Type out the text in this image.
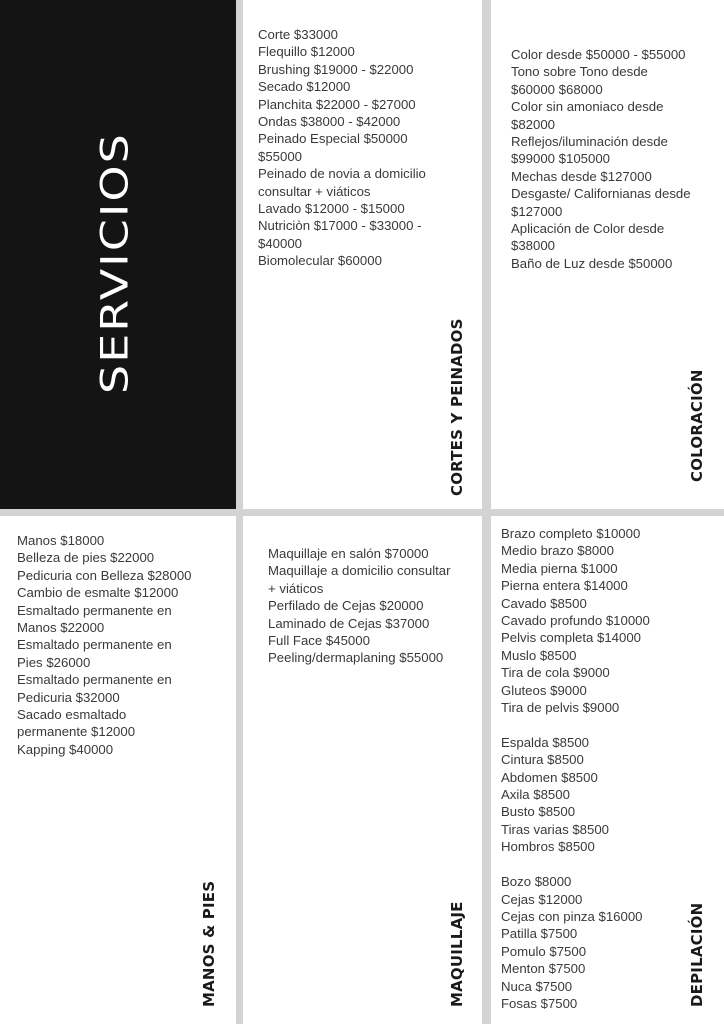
SERVICIOS
Corte $33000
Flequillo $12000
Brushing $19000 - $22000
Secado $12000
Planchita $22000 - $27000
Ondas $38000 - $42000
Peinado Especial $50000
$55000
Peinado de novia a domicilio
consultar + viáticos
Lavado $12000 - $15000
Nutriciòn $17000 - $33000 -
$40000
Biomolecular $60000
CORTES Y PEINADOS
Color desde $50000 - $55000
Tono sobre Tono desde
$60000 $68000
Color sin amoniaco desde
$82000
Reflejos/iluminación desde
$99000 $105000
Mechas desde $127000
Desgaste/ Californianas desde
$127000
Aplicación de Color desde
$38000
Baño de Luz desde $50000
COLORACIÓN
Manos $18000
Belleza de pies $22000
Pedicuria con Belleza $28000
Cambio de esmalte $12000
Esmaltado permanente en
Manos $22000
Esmaltado permanente en
Pies $26000
Esmaltado permanente en
Pedicuria $32000
Sacado esmaltado
permanente $12000
Kapping $40000
MANOS & PIES
Maquillaje en salón $70000
Maquillaje a domicilio consultar
+ viáticos
Perfilado de Cejas $20000
Laminado de Cejas $37000
Full Face $45000
Peeling/dermaplaning $55000
MAQUILLAJE
Brazo completo $10000
Medio brazo $8000
Media pierna $1000
Pierna entera $14000
Cavado $8500
Cavado profundo $10000
Pelvis completa $14000
Muslo $8500
Tira de cola $9000
Gluteos $9000
Tira de pelvis $9000
Espalda $8500
Cintura $8500
Abdomen $8500
Axila $8500
Busto $8500
Tiras varias $8500
Hombros $8500
Bozo $8000
Cejas $12000
Cejas con pinza $16000
Patilla $7500
Pomulo $7500
Menton $7500
Nuca $7500
Fosas $7500	DEPILACIÓN
